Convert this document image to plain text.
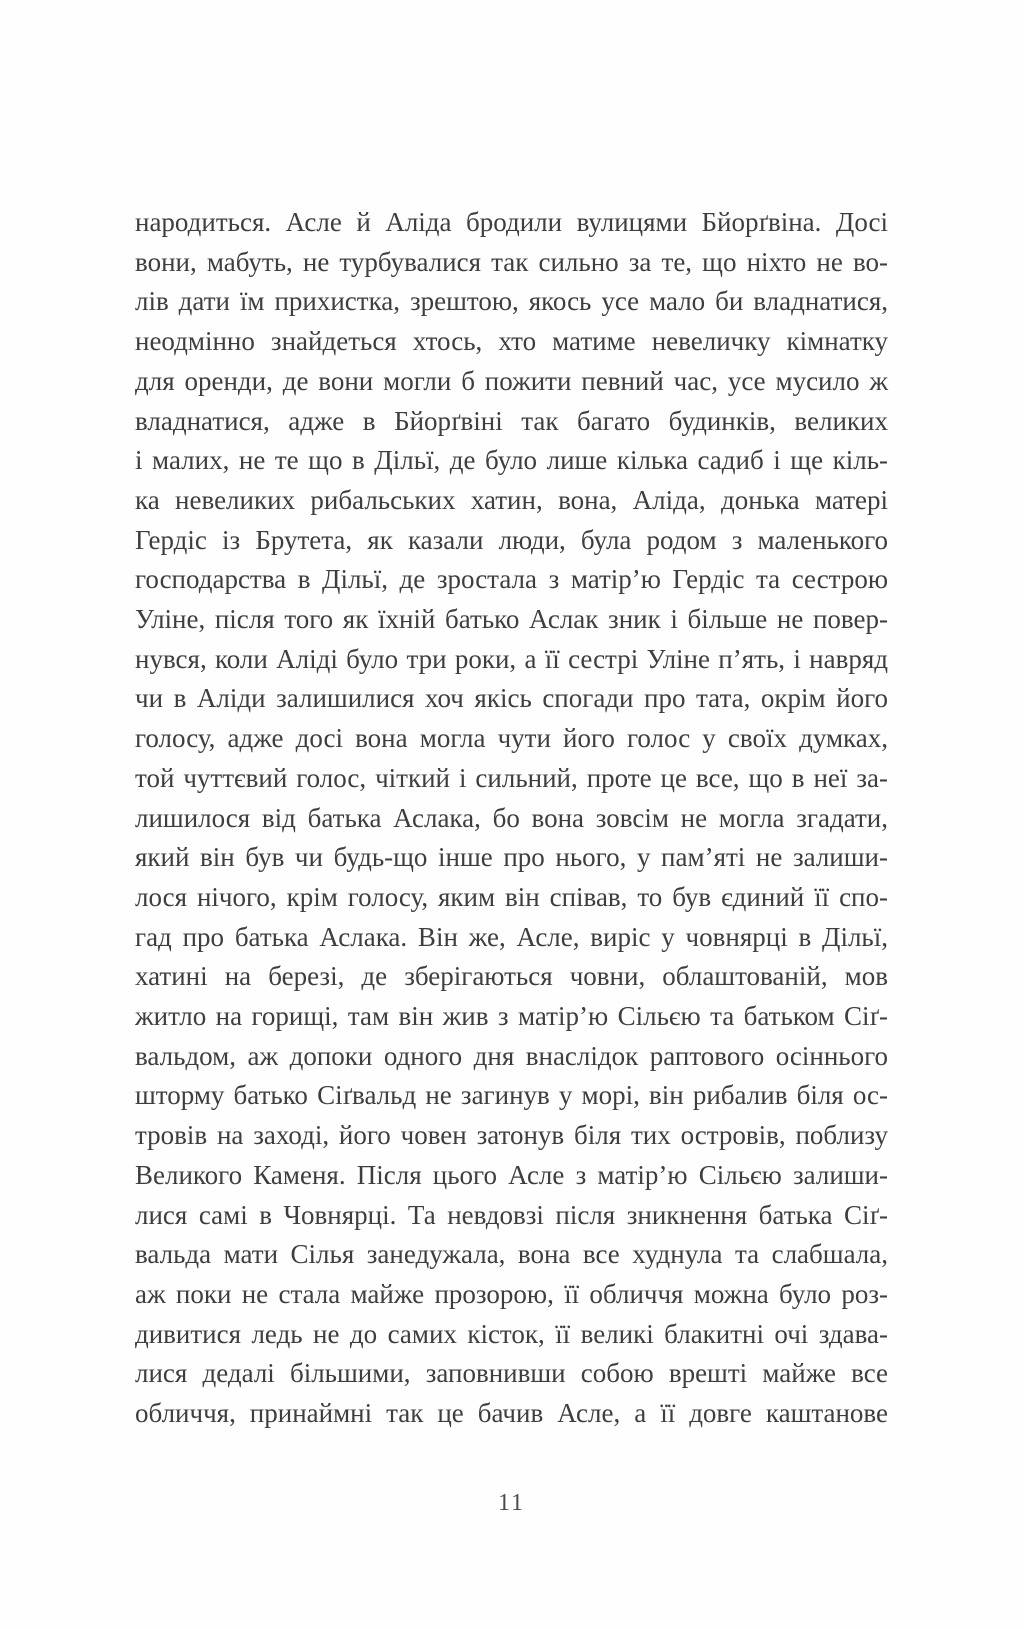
народиться. Асле й Аліда бродили вулицями Бйорґвіна. Досі
вони, мабуть, не турбувалися так сильно за те, що ніхто не во-
лів дати їм прихистка, зрештою, якось усе мало би владнатися,
неодмінно знайдеться хтось, хто матиме невеличку кімнатку
для оренди, де вони могли б пожити певний час, усе мусило ж
владнатися, адже в Бйорґвіні так багато будинків, великих
і малих, не те що в Дільї, де було лише кілька садиб і ще кіль-
ка невеликих рибальських хатин, вона, Аліда, донька матері
Гердіс із Брутета, як казали люди, була родом з маленького
господарства в Дільї, де зростала з матір’ю Гердіс та сестрою
Уліне, після того як їхній батько Аслак зник і більше не повер-
нувся, коли Аліді було три роки, а її сестрі Уліне п’ять, і навряд
чи в Аліди залишилися хоч якісь спогади про тата, окрім його
голосу, адже досі вона могла чути його голос у своїх думках,
той чуттєвий голос, чіткий і сильний, проте це все, що в неї за-
лишилося від батька Аслака, бо вона зовсім не могла згадати,
який він був чи будь-що інше про нього, у пам’яті не залиши-
лося нічого, крім голосу, яким він співав, то був єдиний її спо-
гад про батька Аслака. Він же, Асле, виріс у човнярці в Дільї,
хатині на березі, де зберігаються човни, облаштованій, мов
житло на горищі, там він жив з матір’ю Сільєю та батьком Сіґ-
вальдом, аж допоки одного дня внаслідок раптового осіннього
шторму батько Сіґвальд не загинув у морі, він рибалив біля ос-
тровів на заході, його човен затонув біля тих островів, поблизу
Великого Каменя. Після цього Асле з матір’ю Сільєю залиши-
лися самі в Човнярці. Та невдовзі після зникнення батька Сіґ-
вальда мати Сілья занедужала, вона все худнула та слабшала,
аж поки не стала майже прозорою, її обличчя можна було роз-
дивитися ледь не до самих кісток, її великі блакитні очі здава-
лися дедалі більшими, заповнивши собою врешті майже все
обличчя, принаймні так це бачив Асле, а її довге каштанове
11
